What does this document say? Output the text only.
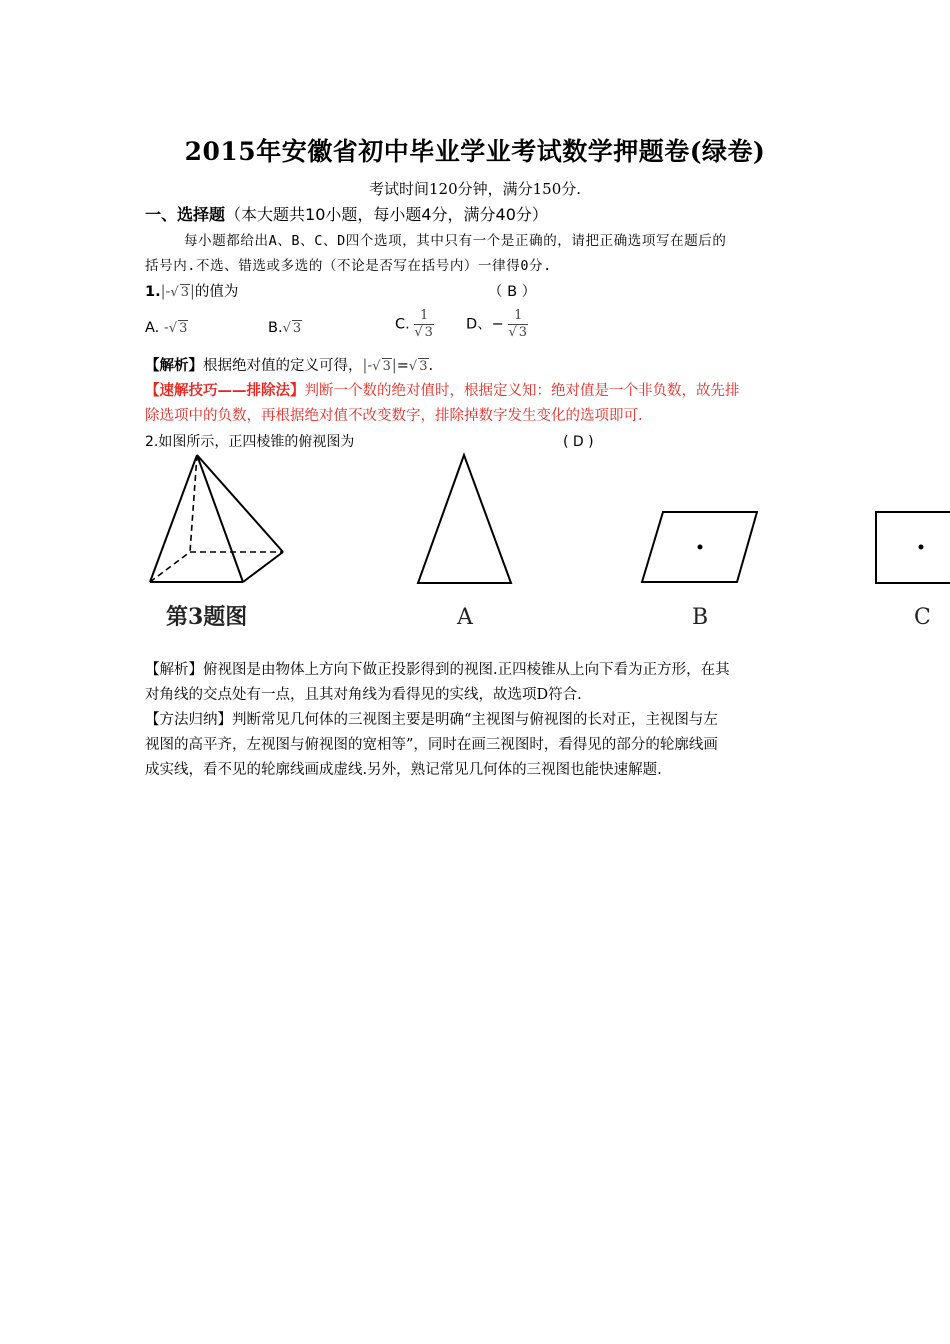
2015年安徽省初中毕业学业考试数学押题卷(绿卷)
考试时间120分钟，满分150分.
一、选择题（本大题共10小题，每小题4分，满分40分）
每小题都给出A、B、C、D四个选项，其中只有一个是正确的，请把正确选项写在题后的
括号内.不选、错选或多选的（不论是否写在括号内）一律得0分.
1.|-√ 3|的值为	（ B ）
A. -√ 3	B.√ 3	C. $\frac{1}{√ 3}$ D、− $\frac{1}{√ 3}$
【解析】根据绝对值的定义可得，|-√ 3|=√ 3.
【速解技巧——排除法】判断一个数的绝对值时，根据定义知：绝对值是一个非负数，故先排
除选项中的负数，再根据绝对值不改变数字，排除掉数字发生变化的选项即可.
2.如图所示，正四棱锥的俯视图为	( D )
第3题图	A	B	C
【解析】俯视图是由物体上方向下做正投影得到的视图.正四棱锥从上向下看为正方形，在其
对角线的交点处有一点，且其对角线为看得见的实线，故选项D符合.
【方法归纳】判断常见几何体的三视图主要是明确“主视图与俯视图的长对正，主视图与左
视图的高平齐，左视图与俯视图的宽相等”，同时在画三视图时，看得见的部分的轮廓线画
成实线，看不见的轮廓线画成虚线.另外，熟记常见几何体的三视图也能快速解题.
